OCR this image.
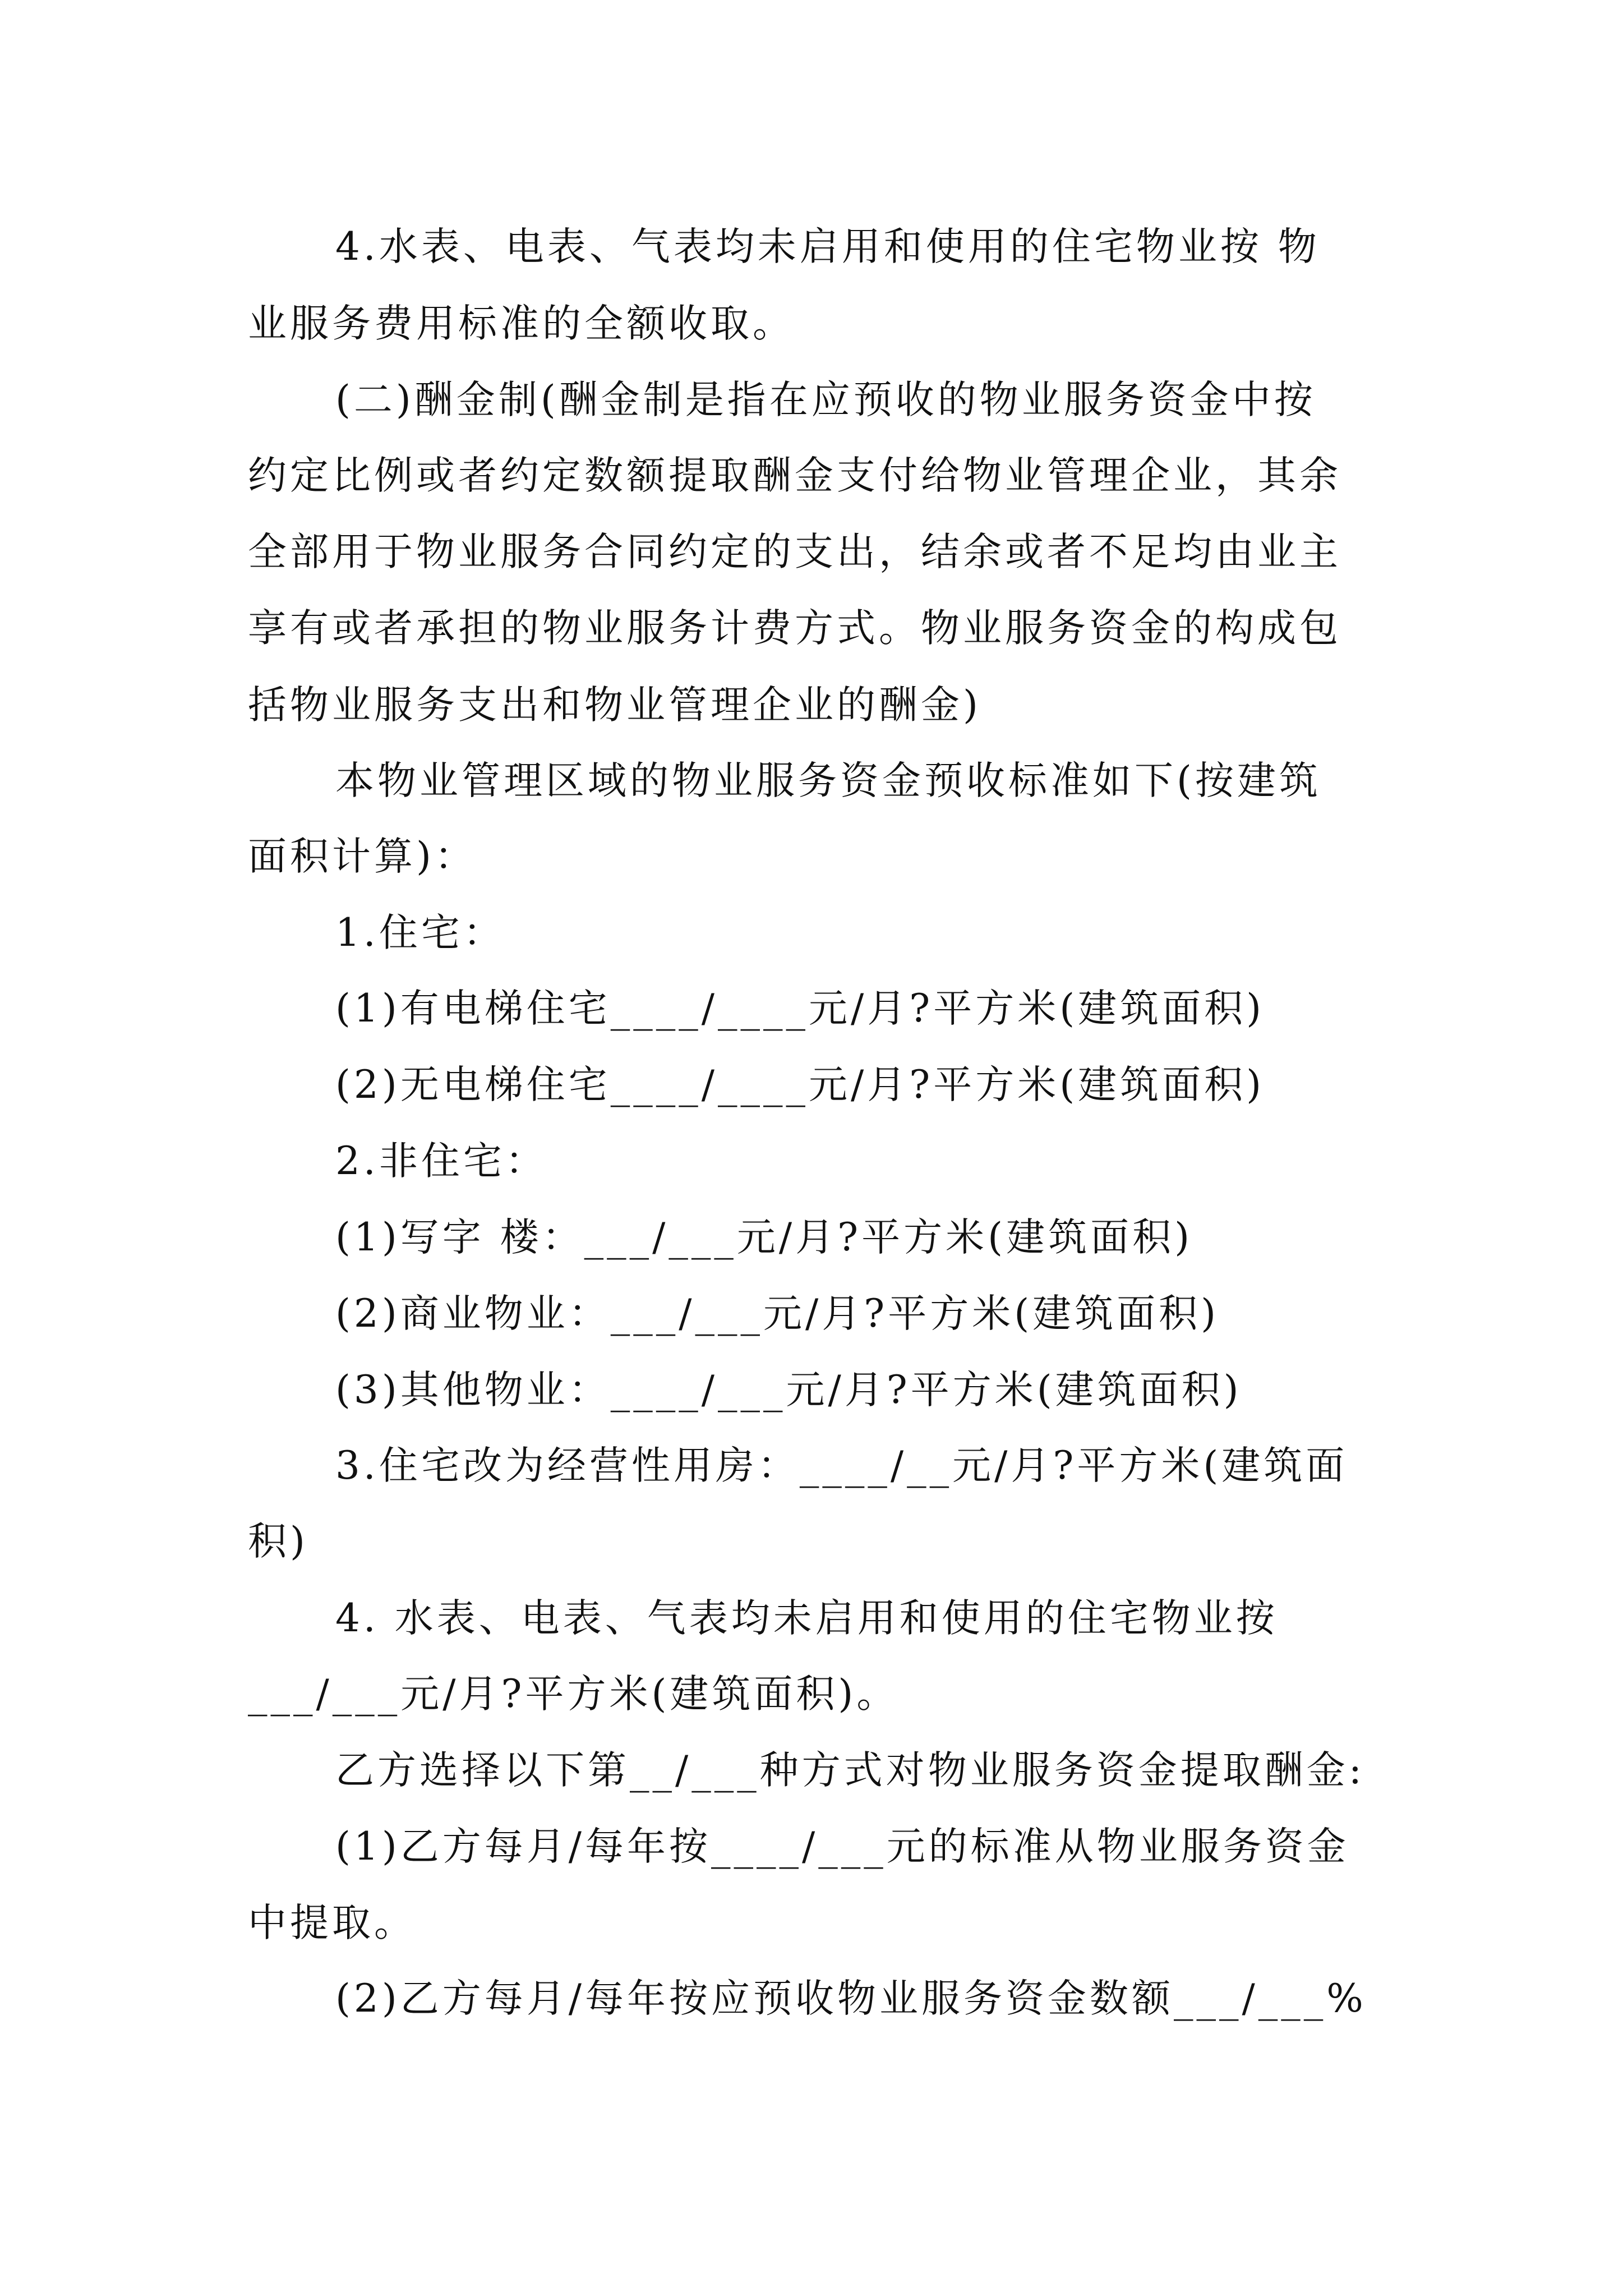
4.水表、电表、气表均未启用和使用的住宅物业按 物
业服务费用标准的全额收取。
(二)酬金制(酬金制是指在应预收的物业服务资金中按
约定比例或者约定数额提取酬金支付给物业管理企业，其余
全部用于物业服务合同约定的支出，结余或者不足均由业主
享有或者承担的物业服务计费方式。物业服务资金的构成包
括物业服务支出和物业管理企业的酬金)
本物业管理区域的物业服务资金预收标准如下(按建筑
面积计算)：
1.住宅：
(1)有电梯住宅____/____元/月?平方米(建筑面积)
(2)无电梯住宅____/____元/月?平方米(建筑面积)
2.非住宅：
(1)写字 楼：___/___元/月?平方米(建筑面积)
(2)商业物业：___/___元/月?平方米(建筑面积)
(3)其他物业：____/___元/月?平方米(建筑面积)
3.住宅改为经营性用房：____/__元/月?平方米(建筑面
积)
4. 水表、电表、气表均未启用和使用的住宅物业按
___/___元/月?平方米(建筑面积)。
乙方选择以下第__/___种方式对物业服务资金提取酬金:
(1)乙方每月/每年按____/___元的标准从物业服务资金
中提取。
(2)乙方每月/每年按应预收物业服务资金数额___/___%
